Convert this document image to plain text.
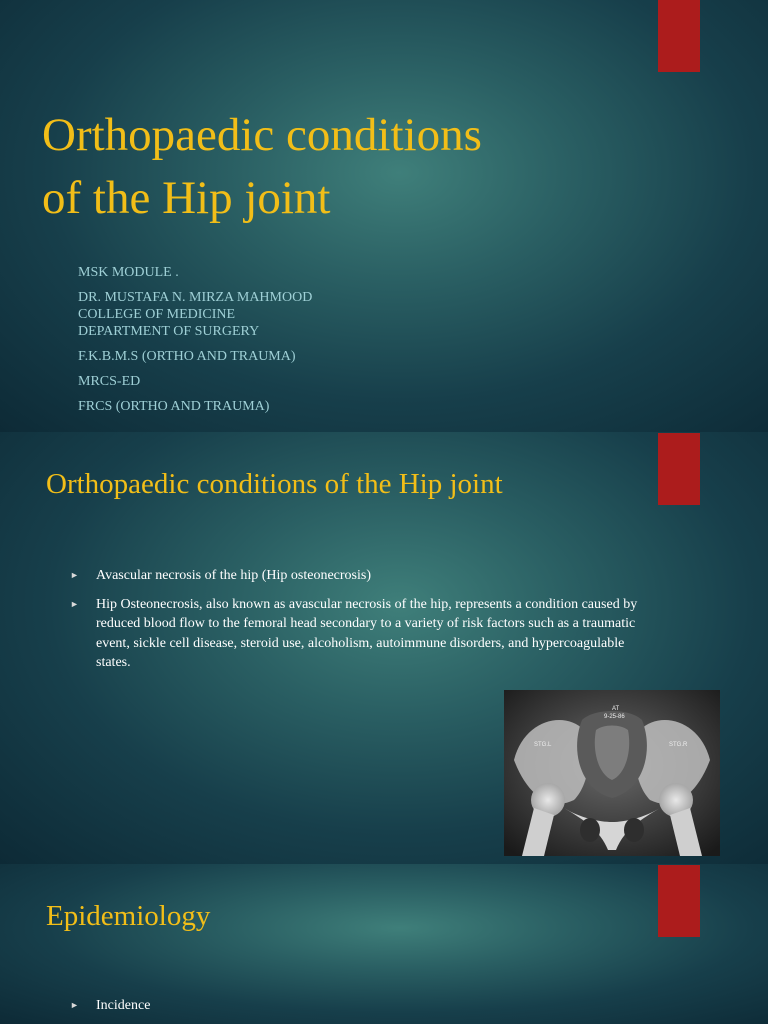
Orthopaedic conditions
of the Hip joint
MSK MODULE .
DR. MUSTAFA N. MIRZA MAHMOOD
COLLEGE OF MEDICINE
DEPARTMENT OF SURGERY
F.K.B.M.S (ORTHO AND TRAUMA)
MRCS-ED
FRCS (ORTHO AND TRAUMA)
Orthopaedic conditions of the Hip joint
► Avascular necrosis of the hip (Hip osteonecrosis)
► Hip Osteonecrosis, also known as avascular necrosis of the hip, represents a condition caused by reduced blood flow to the femoral head secondary to a variety of risk factors such as a traumatic event, sickle cell disease, steroid use, alcoholism, autoimmune disorders, and hypercoagulable states.
AT
9-25-86
STG.L	STG.R
Epidemiology
► Incidence
